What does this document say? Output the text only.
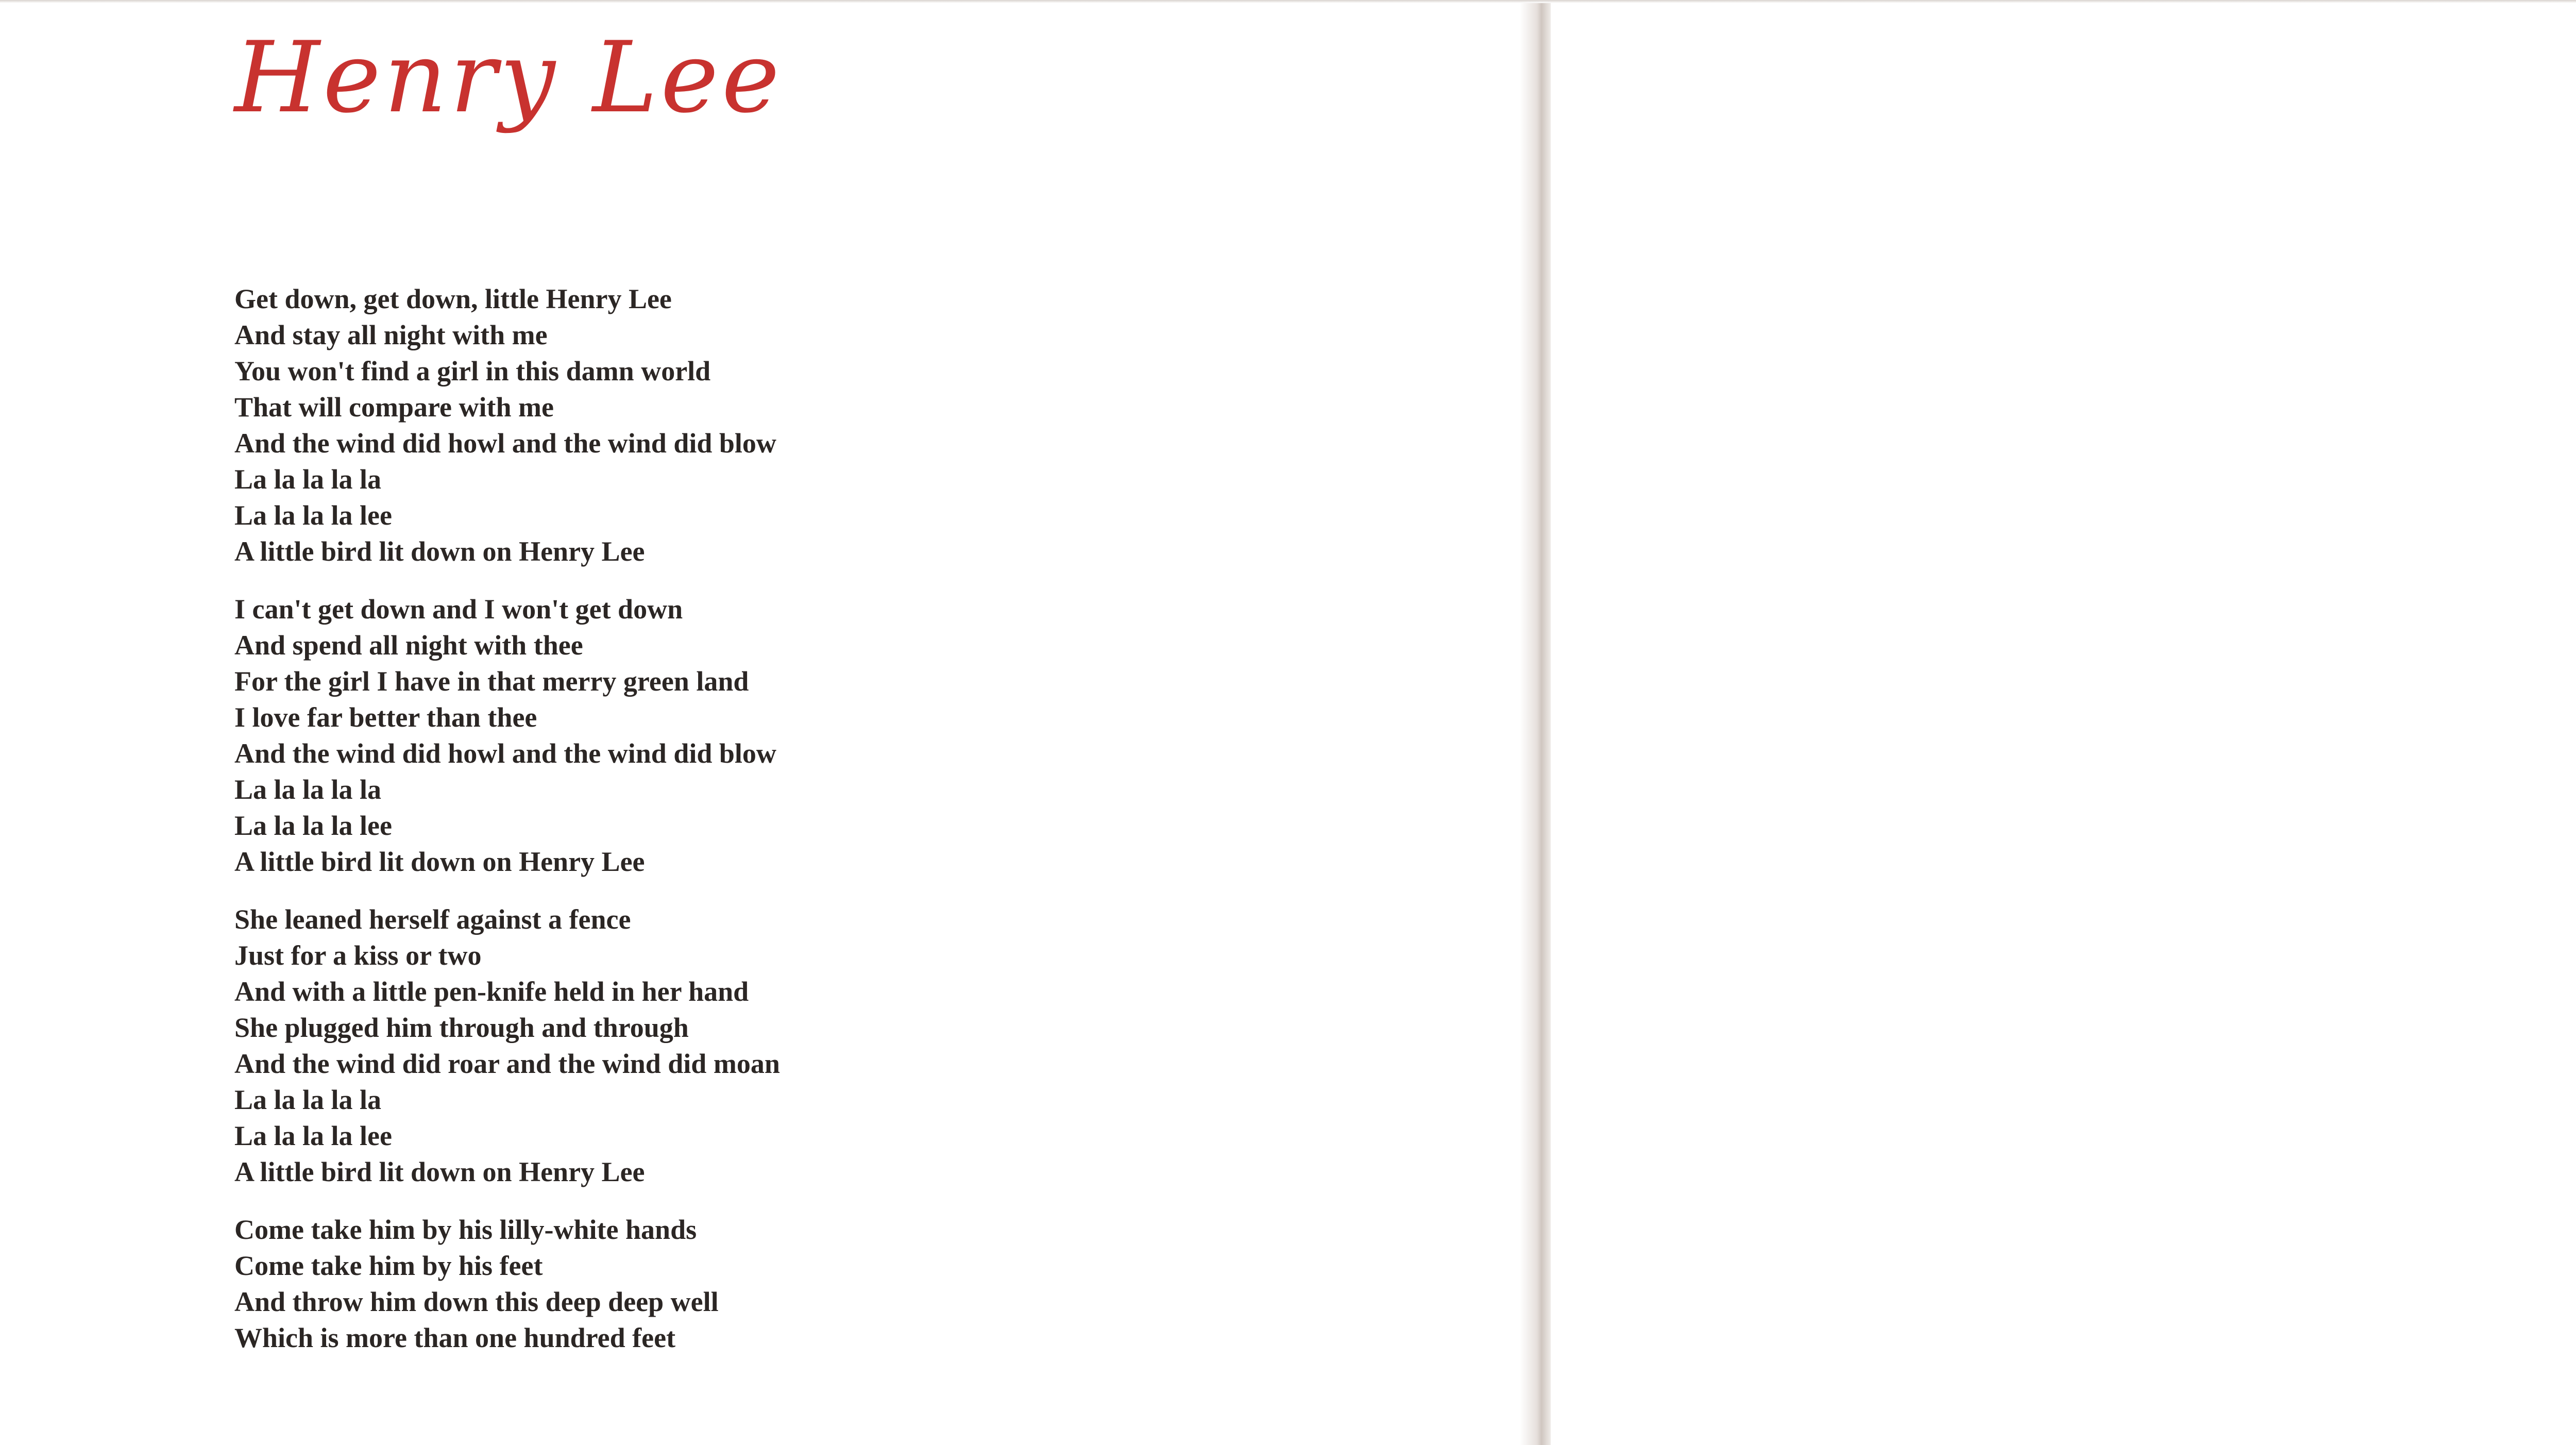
Henry Lee
Get down, get down, little Henry Lee
And stay all night with me
You won't find a girl in this damn world
That will compare with me
And the wind did howl and the wind did blow
La la la la la
La la la la lee
A little bird lit down on Henry Lee
I can't get down and I won't get down
And spend all night with thee
For the girl I have in that merry green land
I love far better than thee
And the wind did howl and the wind did blow
La la la la la
La la la la lee
A little bird lit down on Henry Lee
She leaned herself against a fence
Just for a kiss or two
And with a little pen-knife held in her hand
She plugged him through and through
And the wind did roar and the wind did moan
La la la la la
La la la la lee
A little bird lit down on Henry Lee
Come take him by his lilly-white hands
Come take him by his feet
And throw him down this deep deep well
Which is more than one hundred feet
